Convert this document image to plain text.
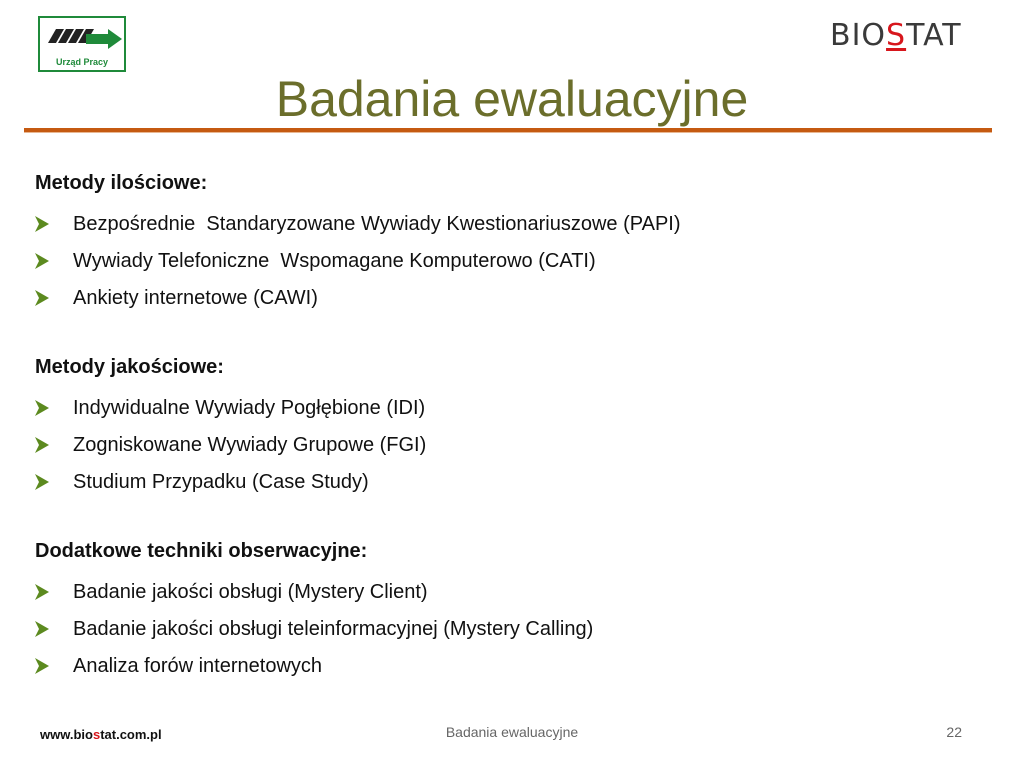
Urząd Pracy
BIO S TAT
Badania ewaluacyjne
Metody ilościowe:
Bezpośrednie  Standaryzowane Wywiady Kwestionariuszowe (PAPI)
Wywiady Telefoniczne  Wspomagane Komputerowo (CATI)
Ankiety internetowe (CAWI)
Metody jakościowe:
Indywidualne Wywiady Pogłębione (IDI)
Zogniskowane Wywiady Grupowe (FGI)
Studium Przypadku (Case Study)
Dodatkowe techniki obserwacyjne:
Badanie jakości obsługi (Mystery Client)
Badanie jakości obsługi teleinformacyjnej (Mystery Calling)
Analiza forów internetowych
www.biostat.com.pl	Badania ewaluacyjne	22
